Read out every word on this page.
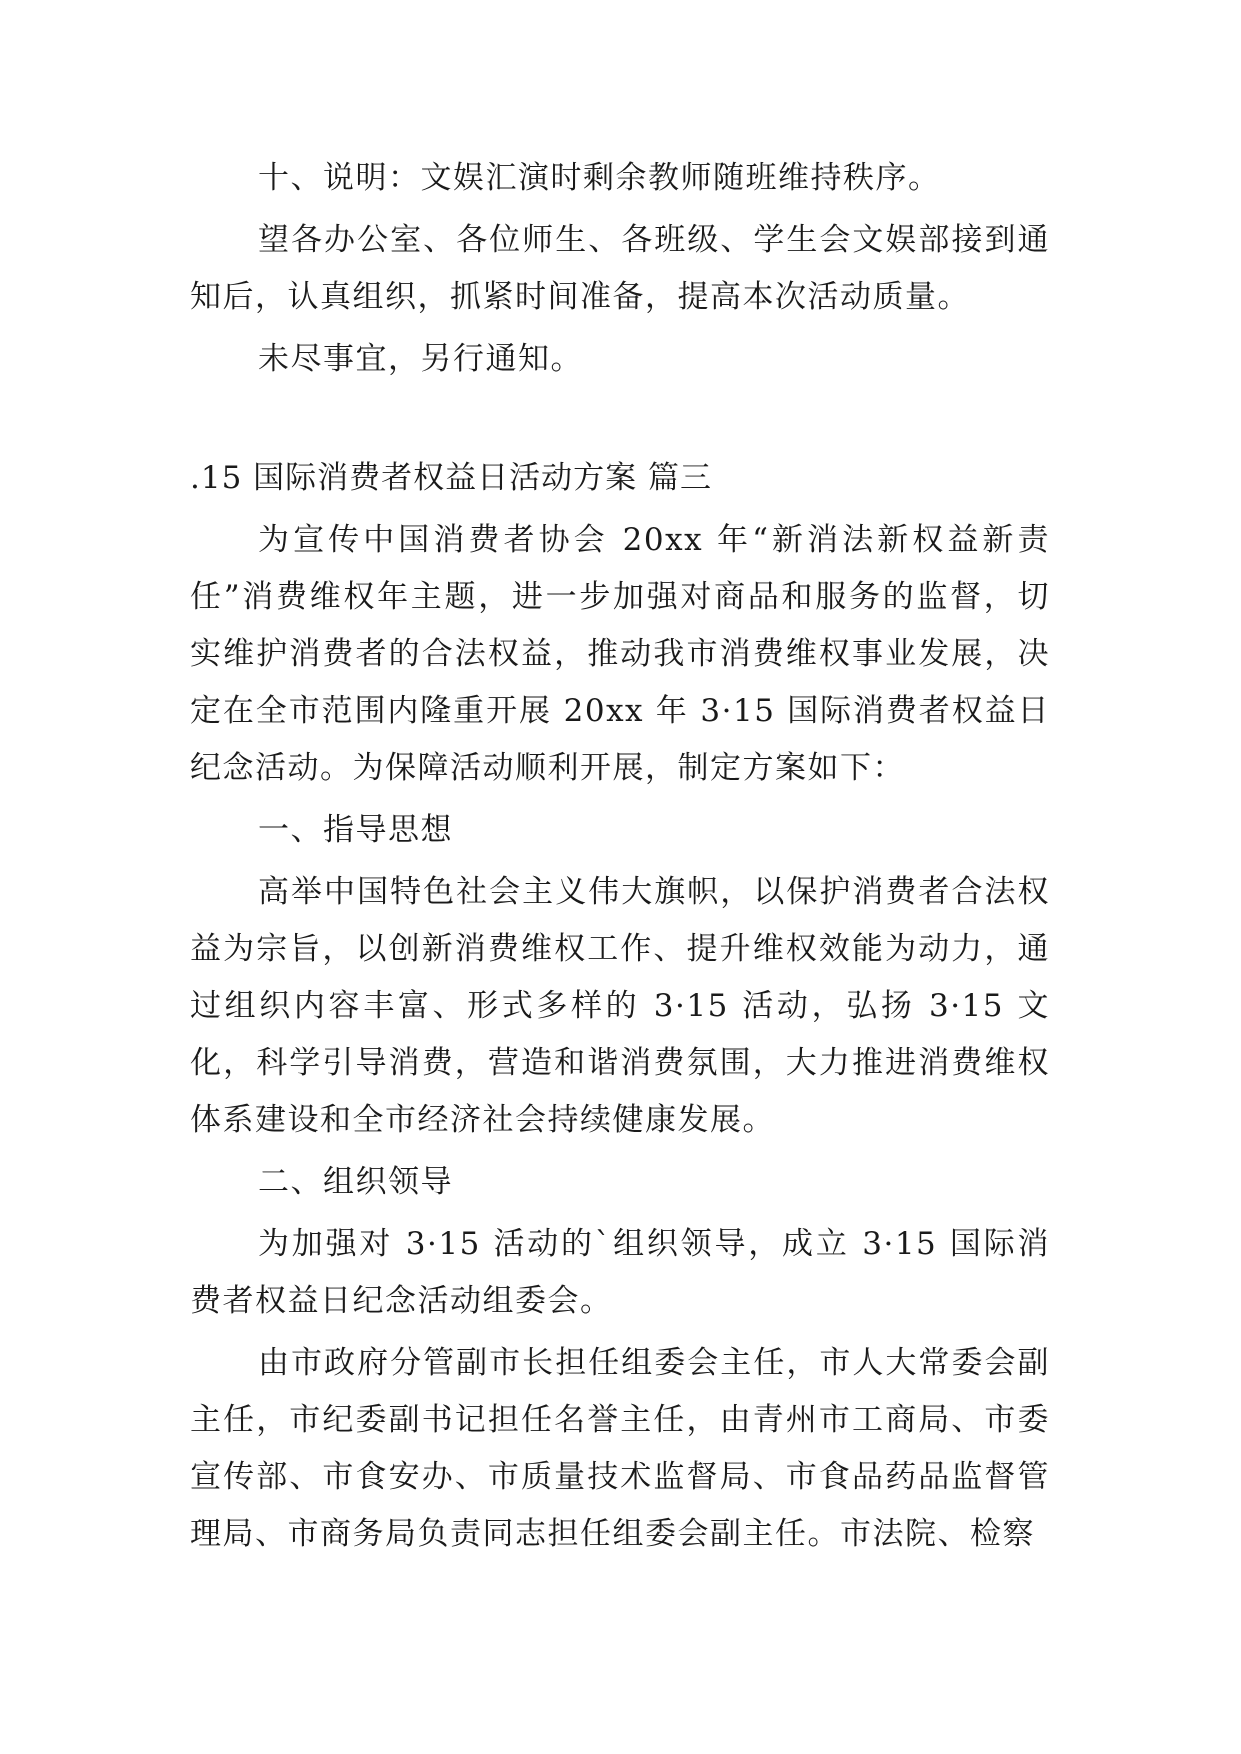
十、说明：文娱汇演时剩余教师随班维持秩序。

望各办公室、各位师生、各班级、学生会文娱部接到通知后，认真组织，抓紧时间准备，提高本次活动质量。

未尽事宜，另行通知。

.15 国际消费者权益日活动方案 篇三

为宣传中国消费者协会 20xx 年“新消法新权益新责任”消费维权年主题，进一步加强对商品和服务的监督，切实维护消费者的合法权益，推动我市消费维权事业发展，决定在全市范围内隆重开展 20xx 年 3·15 国际消费者权益日纪念活动。为保障活动顺利开展，制定方案如下：

一、指导思想

高举中国特色社会主义伟大旗帜，以保护消费者合法权益为宗旨，以创新消费维权工作、提升维权效能为动力，通过组织内容丰富、形式多样的 3·15 活动，弘扬 3·15 文化，科学引导消费，营造和谐消费氛围，大力推进消费维权体系建设和全市经济社会持续健康发展。

二、组织领导

为加强对 3·15 活动的`组织领导，成立 3·15 国际消费者权益日纪念活动组委会。

由市政府分管副市长担任组委会主任，市人大常委会副主任，市纪委副书记担任名誉主任，由青州市工商局、市委宣传部、市食安办、市质量技术监督局、市食品药品监督管理局、市商务局负责同志担任组委会副主任。市法院、检察
